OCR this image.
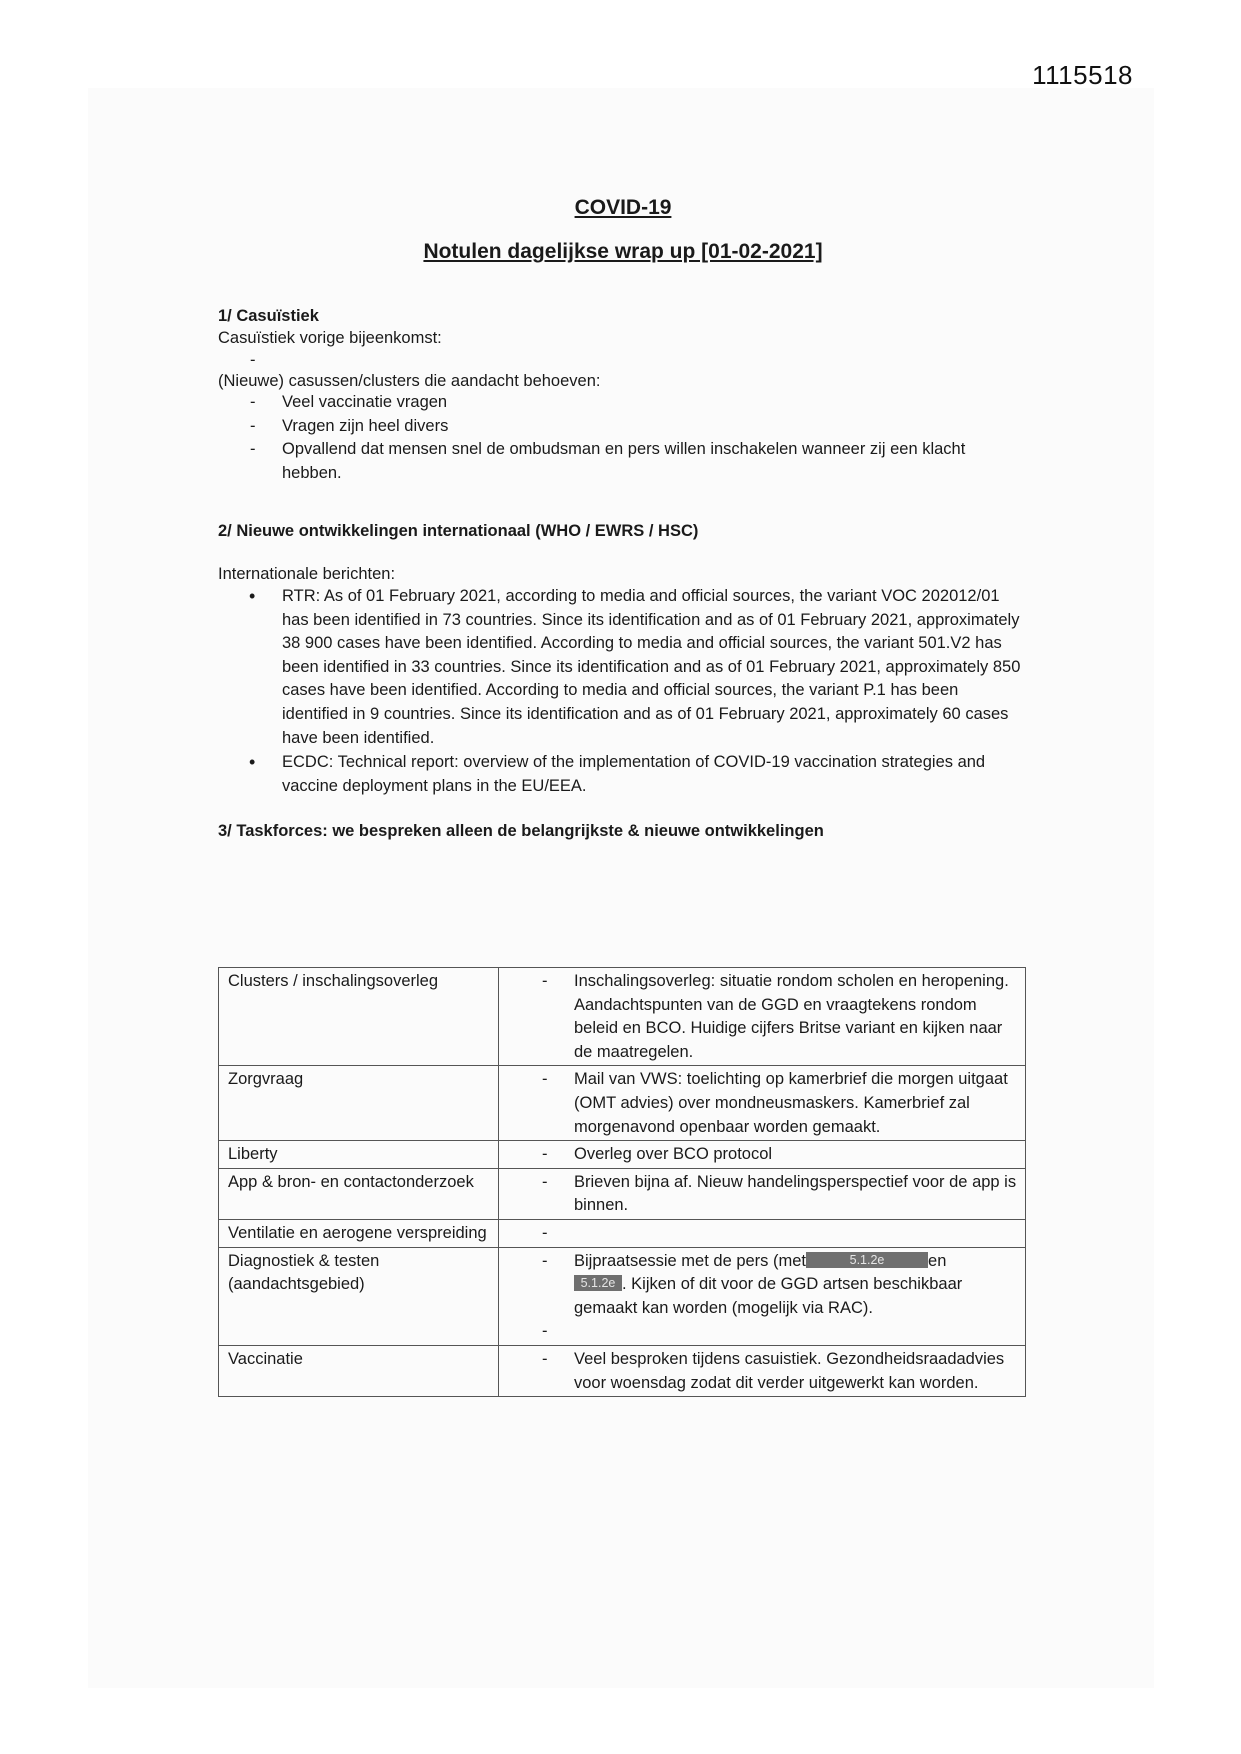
1115518
COVID-19
Notulen dagelijkse wrap up [01-02-2021]
1/ Casuïstiek
Casuïstiek vorige bijeenkomst:
(Nieuwe) casussen/clusters die aandacht behoeven:
- Veel vaccinatie vragen
- Vragen zijn heel divers
- Opvallend dat mensen snel de ombudsman en pers willen inschakelen wanneer zij een klacht hebben.
2/ Nieuwe ontwikkelingen internationaal (WHO / EWRS / HSC)
Internationale berichten:
• RTR: As of 01 February 2021, according to media and official sources, the variant VOC 202012/01 has been identified in 73 countries. Since its identification and as of 01 February 2021, approximately 38 900 cases have been identified. According to media and official sources, the variant 501.V2 has been identified in 33 countries. Since its identification and as of 01 February 2021, approximately 850 cases have been identified. According to media and official sources, the variant P.1 has been identified in 9 countries. Since its identification and as of 01 February 2021, approximately 60 cases have been identified.
• ECDC: Technical report: overview of the implementation of COVID-19 vaccination strategies and vaccine deployment plans in the EU/EEA.
3/ Taskforces: we bespreken alleen de belangrijkste & nieuwe ontwikkelingen
Clusters / inschalingsoverleg	- Inschalingsoverleg: situatie rondom scholen en heropening. Aandachtspunten van de GGD en vraagtekens rondom beleid en BCO. Huidige cijfers Britse variant en kijken naar de maatregelen.

Zorgvraag	- Mail van VWS: toelichting op kamerbrief die morgen uitgaat (OMT advies) over mondneusmaskers. Kamerbrief zal morgenavond openbaar worden gemaakt.

Liberty	- Overleg over BCO protocol

App & bron- en contactonderzoek	- Brieven bijna af. Nieuw handelingsperspectief voor de app is binnen.

Ventilatie en aerogene verspreiding	-

Diagnostiek & testen (aandachtsgebied)	- Bijpraatsessie met de pers (met 5.1.2e en
5.1.2e . Kijken of dit voor de GGD artsen beschikbaar gemaakt kan worden (mogelijk via RAC).
-

Vaccinatie	- Veel besproken tijdens casuistiek. Gezondheidsraadadvies voor woensdag zodat dit verder uitgewerkt kan worden.
